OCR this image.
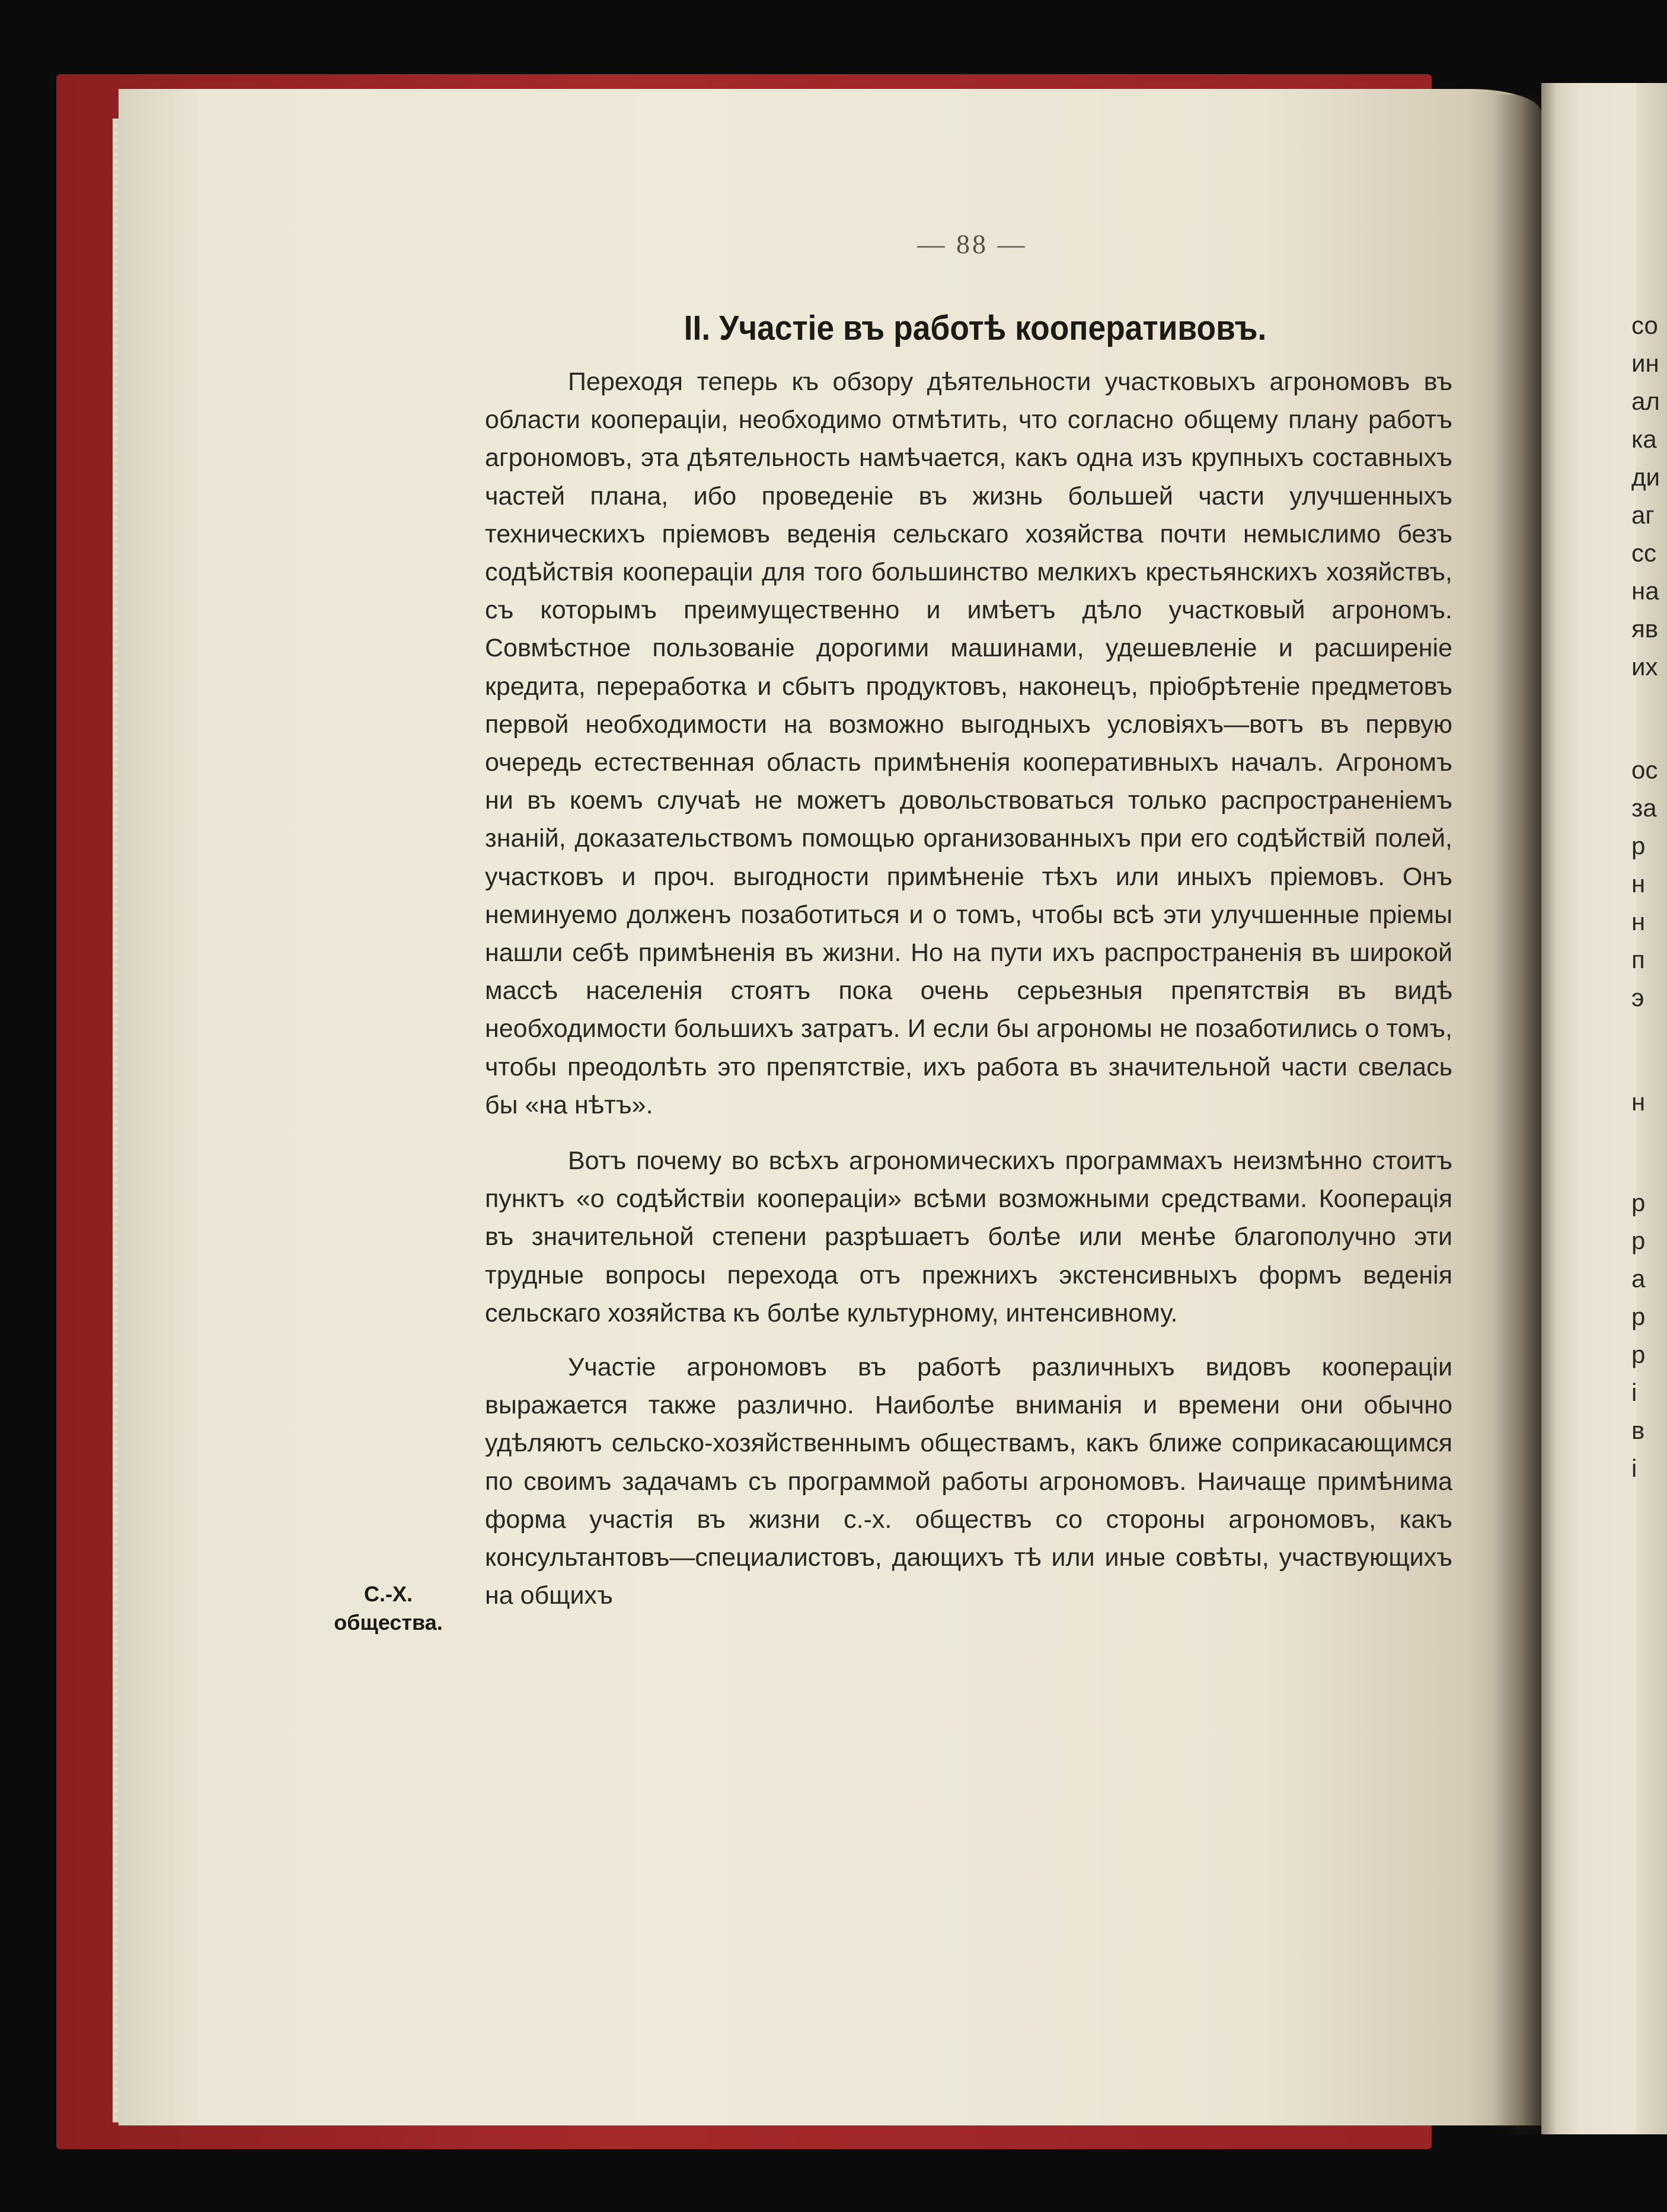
— 88 —
II. Участіе въ работѣ кооперативовъ.

Переходя теперь къ обзору дѣятельности участковыхъ агрономовъ въ области кооперацiи, необходимо отмѣтить, что согласно общему плану работъ агрономовъ, эта дѣятельность намѣчается, какъ одна изъ крупныхъ составныхъ частей плана, ибо проведенiе въ жизнь большей части улучшенныхъ техническихъ прiемовъ веденiя сельскаго хозяйства почти немыслимо безъ содѣйствiя кооперацiи для того большинство мелкихъ крестьянскихъ хозяйствъ, съ которымъ преимущественно и имѣетъ дѣло участковый агрономъ. Совмѣстное пользованiе дорогими машинами, удешевленiе и расширенiе кредита, переработка и сбытъ продуктовъ, наконецъ, прiобрѣтенiе предметовъ первой необходимости на возможно выгодныхъ условiяхъ—вотъ въ первую очередь естественная область примѣненiя кооперативныхъ началъ. Агрономъ ни въ коемъ случаѣ не можетъ довольствоваться только распространенiемъ знанiй, доказательствомъ помощью организованныхъ при его содѣйствiй полей, участковъ и проч. выгодности примѣненiе тѣхъ или иныхъ прiемовъ. Онъ неминуемо долженъ позаботиться и о томъ, чтобы всѣ эти улучшенные прiемы нашли себѣ примѣненiя въ жизни. Но на пути ихъ распространенiя въ широкой массѣ населенiя стоятъ пока очень серьезныя препятствiя въ видѣ необходимости большихъ затратъ. И если бы агрономы не позаботились о томъ, чтобы преодолѣть это препятствiе, ихъ работа въ значительной части свелась бы «на нѣтъ».

Вотъ почему во всѣхъ агрономическихъ программахъ неизмѣнно стоитъ пунктъ «о содѣйствiи кооперацiи» всѣми возможными средствами. Кооперацiя въ значительной степени разрѣшаетъ болѣе или менѣе благополучно эти трудные вопросы перехода отъ прежнихъ экстенсивныхъ формъ веденiя сельскаго хозяйства къ болѣе культурному, интенсивному.

Участiе агрономовъ въ работѣ различныхъ видовъ кооперацiи выражается также различно. Наиболѣе вниманiя и времени они обычно удѣляютъ сельско-хозяйственнымъ обществамъ, какъ ближе соприкасающимся по своимъ задачамъ съ программой работы агрономовъ. Наичаще примѣнима форма участiя въ жизни с.-х. обществъ со стороны агрономовъ, какъ консультантовъ—специалистовъ, дающихъ тѣ или иные совѣты, участвующихъ на общихъ

С.-Х.
общества.
со
ин
ал
ка
ди
аг
сс
на
яв
их
ос
за
р
н
н
п
э
н
р
р
а
р
р
і
в
і
